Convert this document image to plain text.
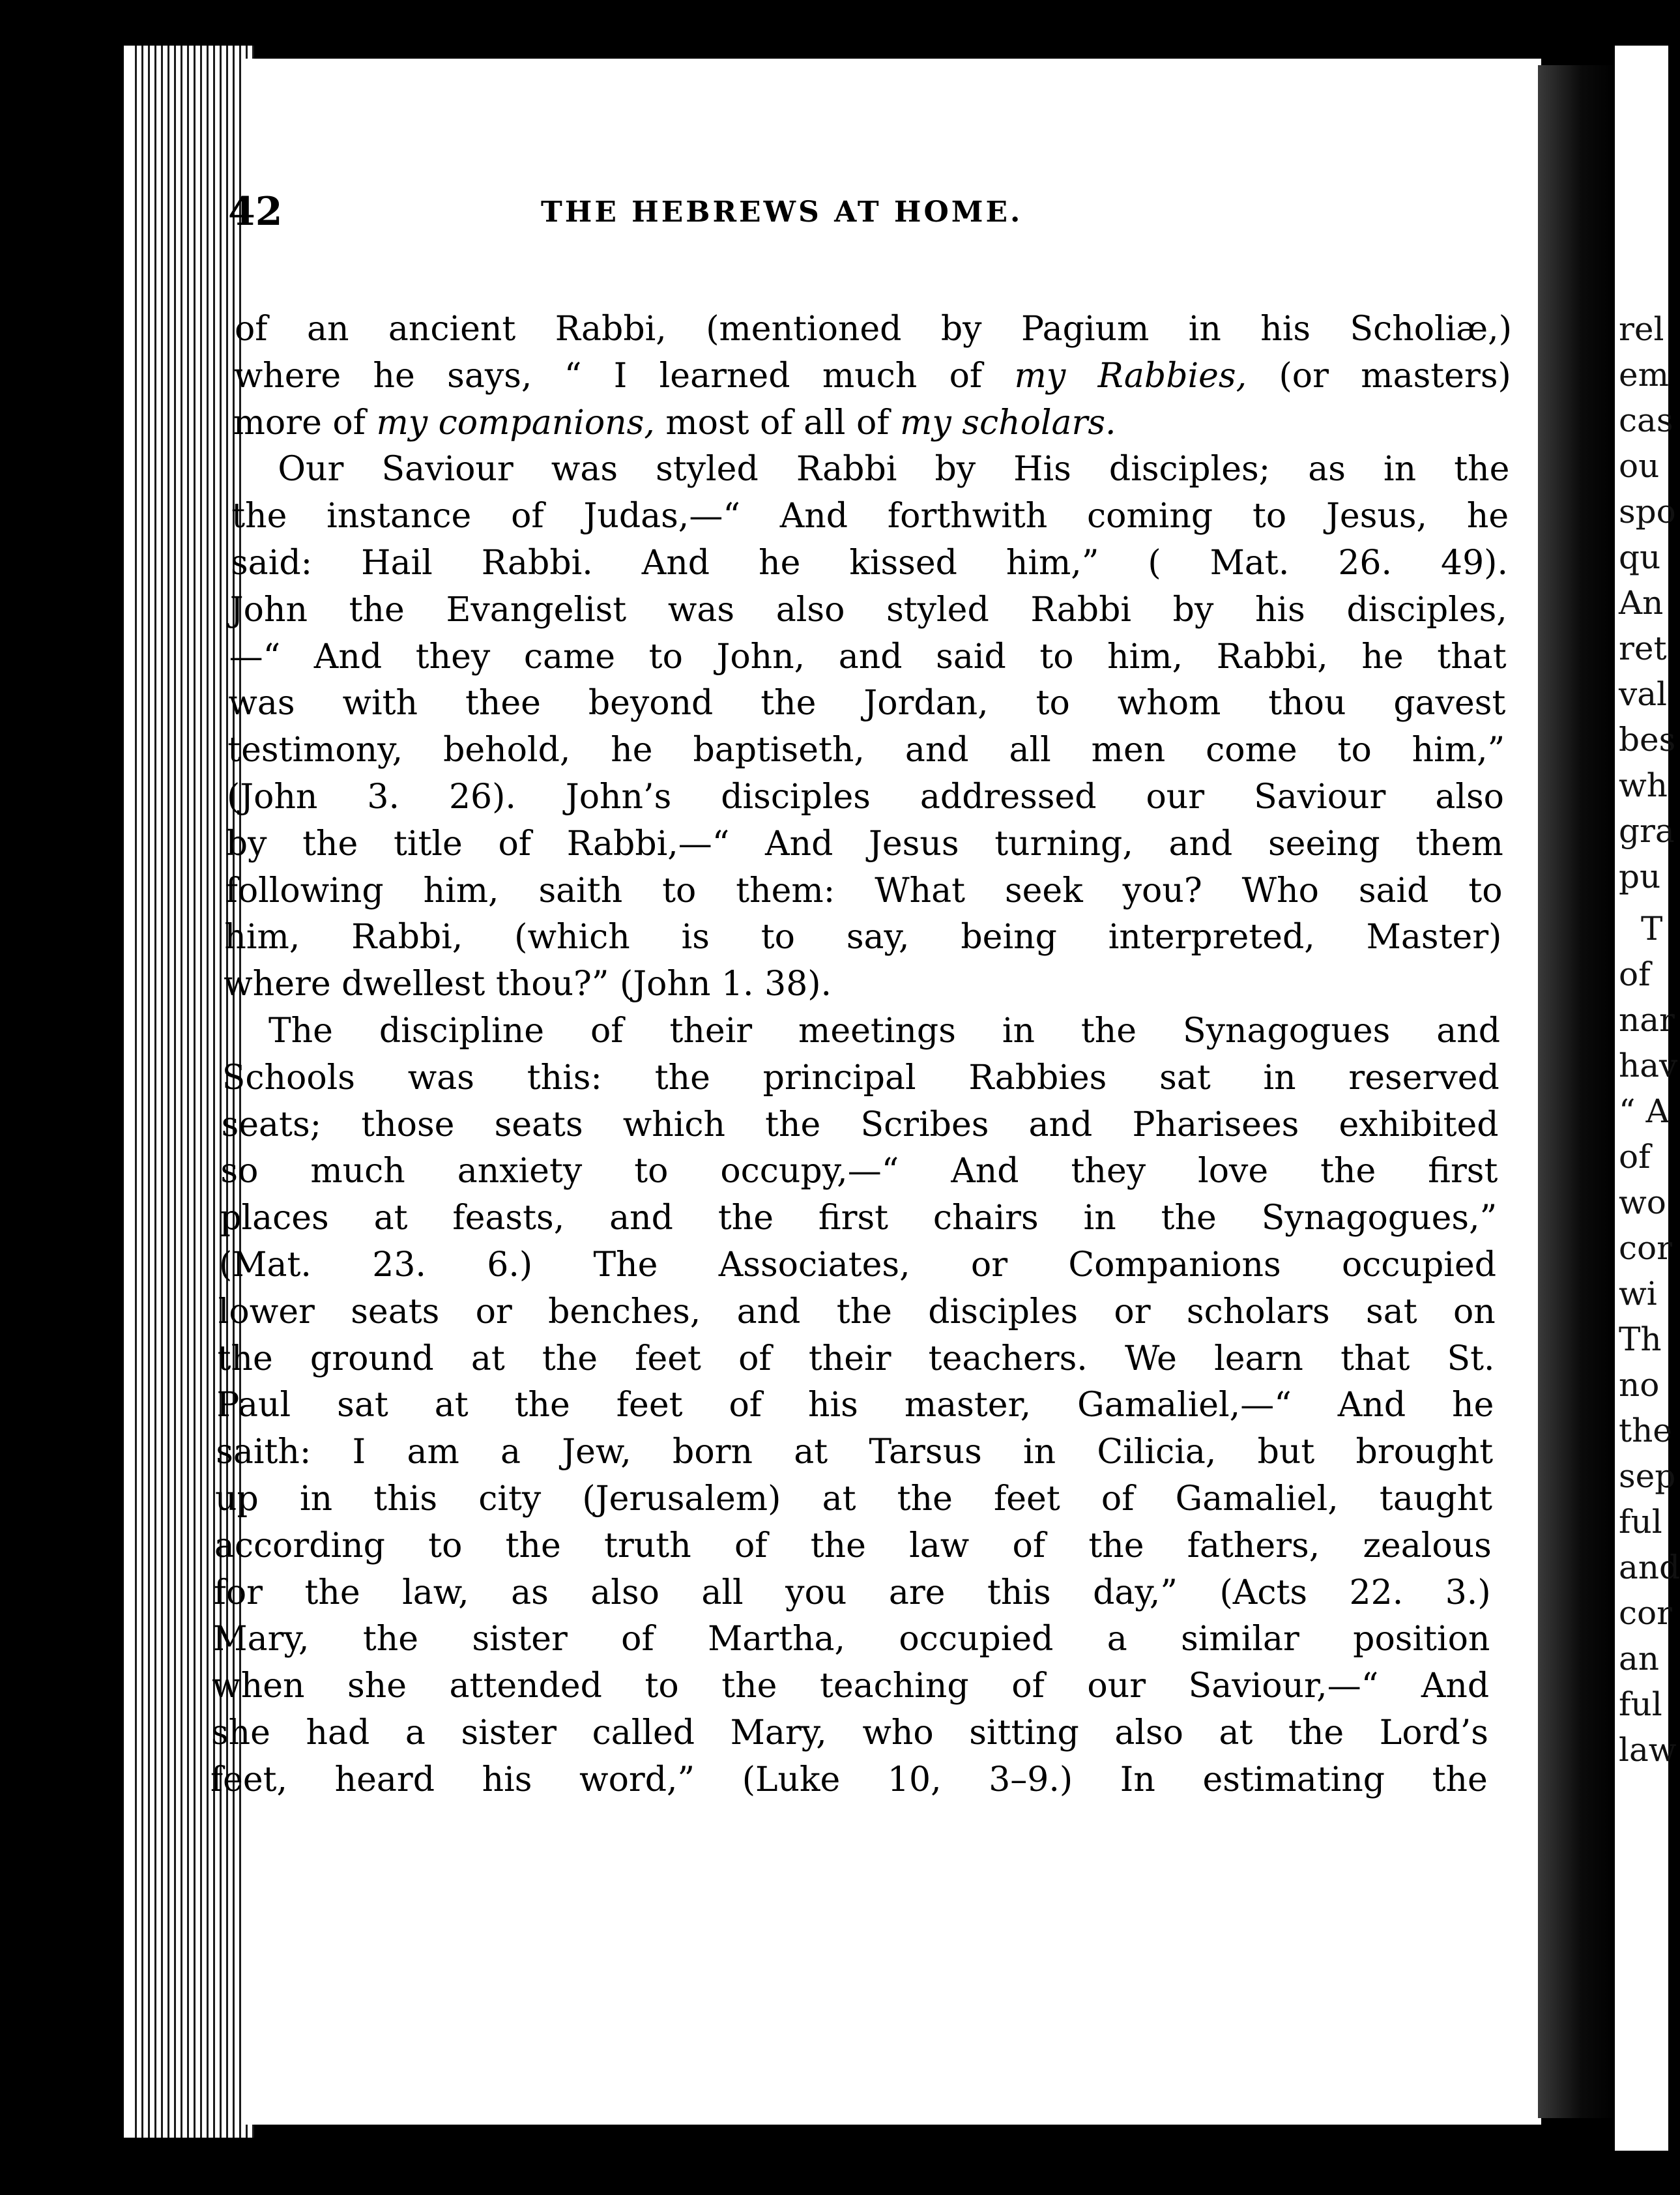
rel
em
cas
ou
spo
qu
An
ret
val
bes
wh
gra
pu
T
of
nar
hav
“ A
of
wo
cor
wi
Th
no
the
sep
ful
and
cor
an
ful
law
42	THE HEBREWS AT HOME.
of an ancient Rabbi, (mentioned by Pagium in his Scholiæ,)
where he says, “ I learned much of my Rabbies, (or masters)
more of my companions, most of all of my scholars.
Our Saviour was styled Rabbi by His disciples; as in the
the instance of Judas,—“ And forthwith coming to Jesus, he
said: Hail Rabbi. And he kissed him,” ( Mat. 26. 49).
John the Evangelist was also styled Rabbi by his disciples,
—“ And they came to John, and said to him, Rabbi, he that
was with thee beyond the Jordan, to whom thou gavest
testimony, behold, he baptiseth, and all men come to him,”
(John 3. 26). John’s disciples addressed our Saviour also
by the title of Rabbi,—“ And Jesus turning, and seeing them
following him, saith to them: What seek you? Who said to
him, Rabbi, (which is to say, being interpreted, Master)
where dwellest thou?” (John 1. 38).
The discipline of their meetings in the Synagogues and
Schools was this: the principal Rabbies sat in reserved
seats; those seats which the Scribes and Pharisees exhibited
so much anxiety to occupy,—“ And they love the first
places at feasts, and the first chairs in the Synagogues,”
(Mat. 23. 6.) The Associates, or Companions occupied
lower seats or benches, and the disciples or scholars sat on
the ground at the feet of their teachers. We learn that St.
Paul sat at the feet of his master, Gamaliel,—“ And he
saith: I am a Jew, born at Tarsus in Cilicia, but brought
up in this city (Jerusalem) at the feet of Gamaliel, taught
according to the truth of the law of the fathers, zealous
for the law, as also all you are this day,” (Acts 22. 3.)
Mary, the sister of Martha, occupied a similar position
when she attended to the teaching of our Saviour,—“ And
she had a sister called Mary, who sitting also at the Lord’s
feet, heard his word,” (Luke 10, 3–9.) In estimating the
